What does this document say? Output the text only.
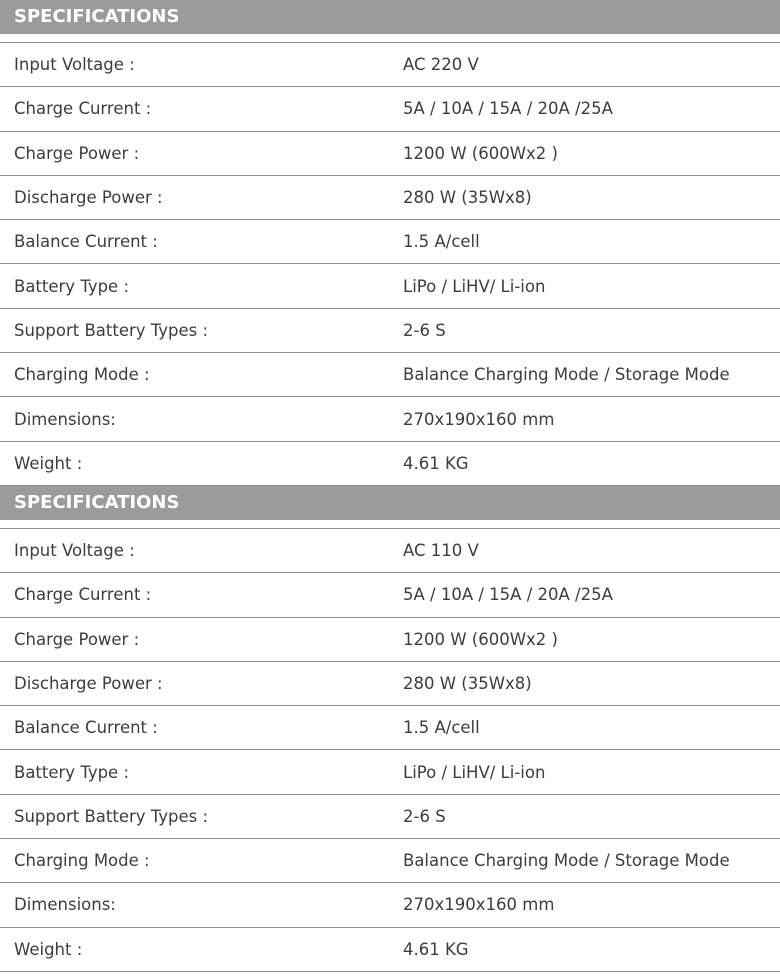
SPECIFICATIONS
Input Voltage :	AC 220 V
Charge Current :	5A / 10A / 15A / 20A /25A
Charge Power :	1200 W (600Wx2 )
Discharge Power :	280 W (35Wx8)
Balance Current :	1.5 A/cell
Battery Type :	LiPo / LiHV/ Li-ion
Support Battery Types :	2-6 S
Charging Mode :	Balance Charging Mode / Storage Mode
Dimensions:	270x190x160 mm
Weight :	4.61 KG
SPECIFICATIONS
Input Voltage :	AC 110 V
Charge Current :	5A / 10A / 15A / 20A /25A
Charge Power :	1200 W (600Wx2 )
Discharge Power :	280 W (35Wx8)
Balance Current :	1.5 A/cell
Battery Type :	LiPo / LiHV/ Li-ion
Support Battery Types :	2-6 S
Charging Mode :	Balance Charging Mode / Storage Mode
Dimensions:	270x190x160 mm
Weight :	4.61 KG
